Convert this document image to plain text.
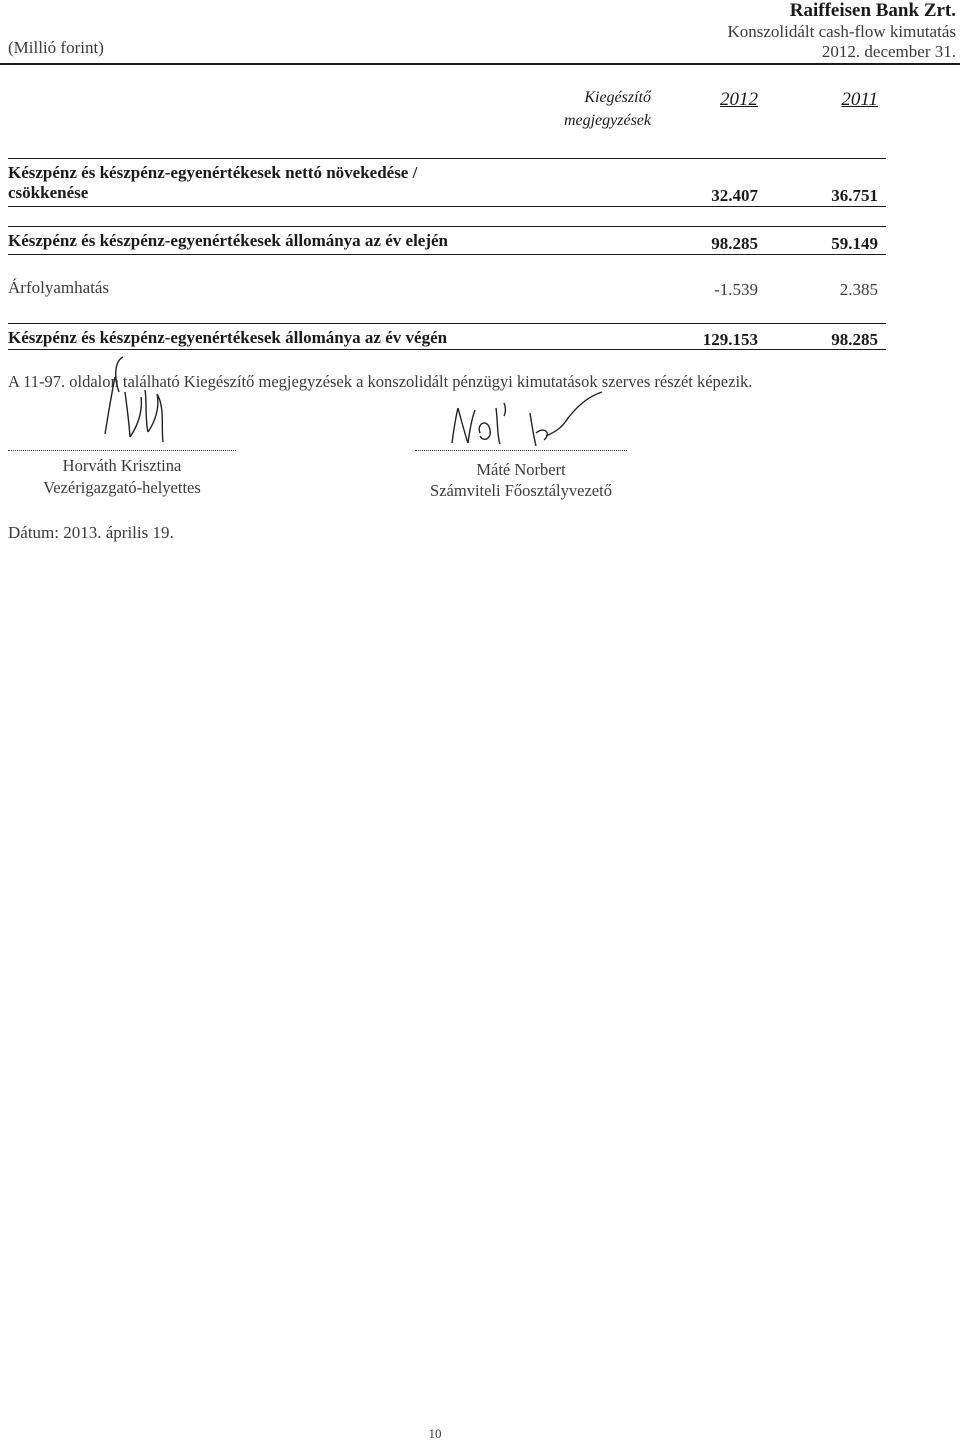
Raiffeisen Bank Zrt.
Konszolidált cash-flow kimutatás
2012. december 31.
(Millió forint)
Kiegészítő
megjegyzések
2012	2011
Készpénz és készpénz-egyenértékesek nettó növekedése /
csökkenése	32.407	36.751
Készpénz és készpénz-egyenértékesek állománya az év elején	98.285	59.149
Árfolyamhatás	-1.539	2.385
Készpénz és készpénz-egyenértékesek állománya az év végén	129.153	98.285
A 11-97. oldalon található Kiegészítő megjegyzések a konszolidált pénzügyi kimutatások szerves részét képezik.
Horváth Krisztina
Vezérigazgató-helyettes
Máté Norbert
Számviteli Főosztályvezető
Dátum: 2013. április 19.
10
